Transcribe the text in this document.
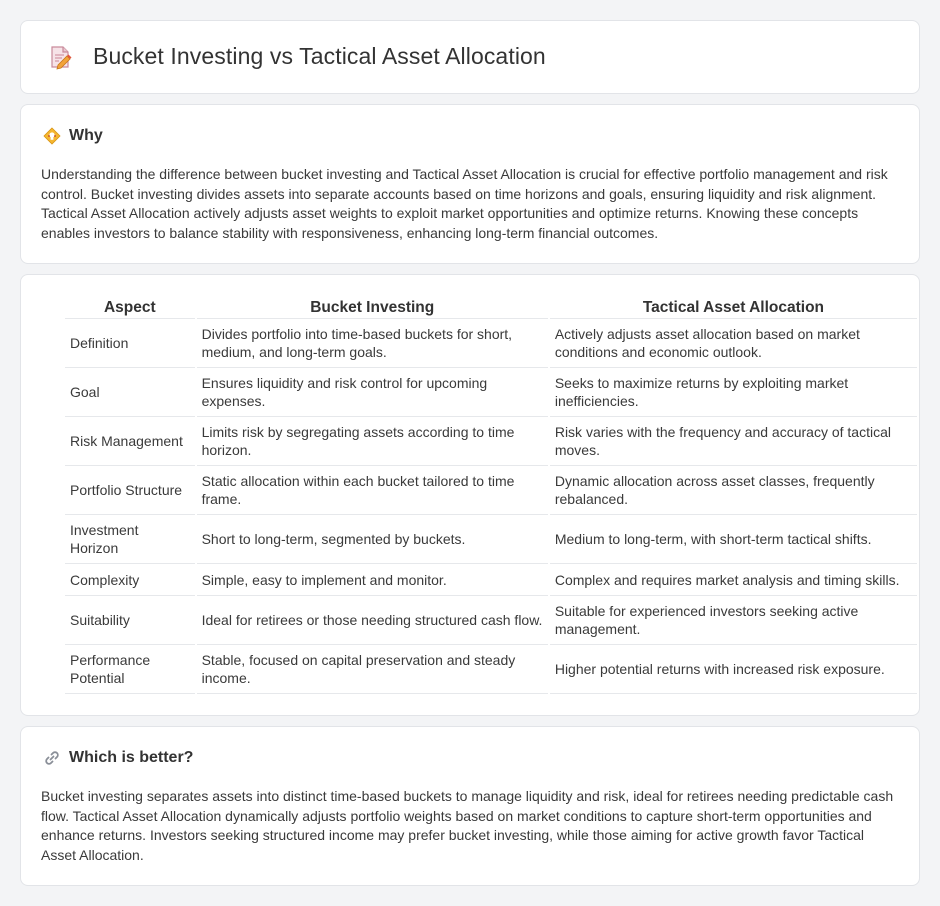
Bucket Investing vs Tactical Asset Allocation
Why

Understanding the difference between bucket investing and Tactical Asset Allocation is crucial for effective portfolio management and risk control. Bucket investing divides assets into separate accounts based on time horizons and goals, ensuring liquidity and risk alignment. Tactical Asset Allocation actively adjusts asset weights to exploit market opportunities and optimize returns. Knowing these concepts enables investors to balance stability with responsiveness, enhancing long-term financial outcomes.

Aspect	Bucket Investing	Tactical Asset Allocation
Definition	Divides portfolio into time-based buckets for short, medium, and long-term goals.	Actively adjusts asset allocation based on market conditions and economic outlook.
Goal	Ensures liquidity and risk control for upcoming expenses.	Seeks to maximize returns by exploiting market inefficiencies.
Risk Management	Limits risk by segregating assets according to time horizon.	Risk varies with the frequency and accuracy of tactical moves.
Portfolio Structure	Static allocation within each bucket tailored to time frame.	Dynamic allocation across asset classes, frequently rebalanced.
Investment Horizon	Short to long-term, segmented by buckets.	Medium to long-term, with short-term tactical shifts.
Complexity	Simple, easy to implement and monitor.	Complex and requires market analysis and timing skills.
Suitability	Ideal for retirees or those needing structured cash flow.	Suitable for experienced investors seeking active management.
Performance Potential	Stable, focused on capital preservation and steady income.	Higher potential returns with increased risk exposure.
Which is better?

Bucket investing separates assets into distinct time-based buckets to manage liquidity and risk, ideal for retirees needing predictable cash flow. Tactical Asset Allocation dynamically adjusts portfolio weights based on market conditions to capture short-term opportunities and enhance returns. Investors seeking structured income may prefer bucket investing, while those aiming for active growth favor Tactical Asset Allocation.
